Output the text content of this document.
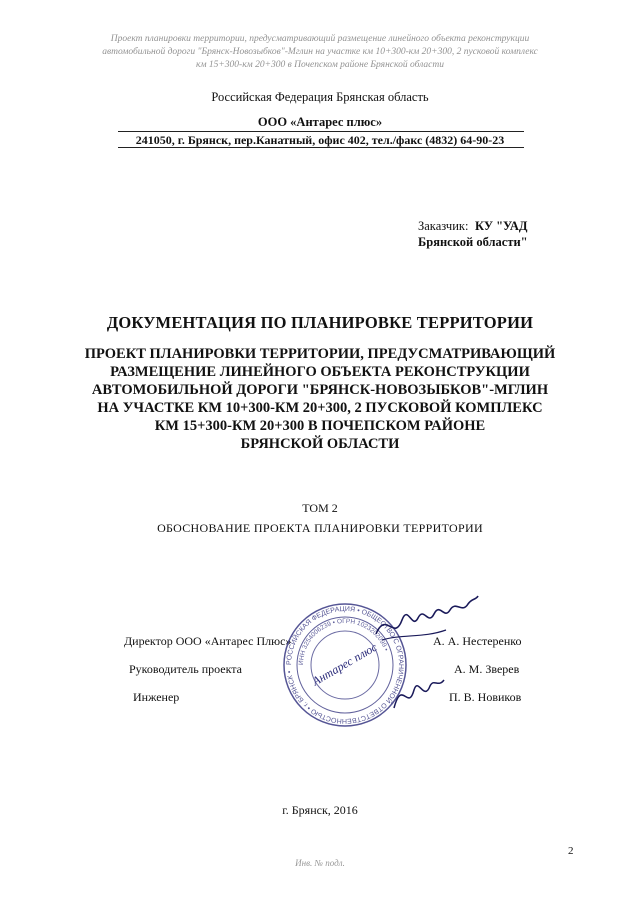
Проект планировки территории, предусматривающий размещение линейного объекта реконструкции
автомобильной дороги "Брянск-Новозыбков"-Мглин на участке км 10+300-км 20+300, 2 пусковой комплекс
км 15+300-км 20+300 в Почепском районе Брянской области
Российская Федерация Брянская область
ООО «Антарес плюс»
241050, г. Брянск, пер.Канатный, офис 402, тел./факс (4832) 64-90-23
Заказчик: КУ "УАД
Брянской области"
ДОКУМЕНТАЦИЯ ПО ПЛАНИРОВКЕ ТЕРРИТОРИИ
ПРОЕКТ ПЛАНИРОВКИ ТЕРРИТОРИИ, ПРЕДУСМАТРИВАЮЩИЙ
РАЗМЕЩЕНИЕ ЛИНЕЙНОГО ОБЪЕКТА РЕКОНСТРУКЦИИ
АВТОМОБИЛЬНОЙ ДОРОГИ "БРЯНСК-НОВОЗЫБКОВ"-МГЛИН
НА УЧАСТКЕ КМ 10+300-КМ 20+300, 2 ПУСКОВОЙ КОМПЛЕКС
КМ 15+300-КМ 20+300 В ПОЧЕПСКОМ РАЙОНЕ
БРЯНСКОЙ ОБЛАСТИ
ТОМ 2
ОБОСНОВАНИЕ ПРОЕКТА ПЛАНИРОВКИ ТЕРРИТОРИИ
Директор ООО «Антарес Плюс»	А. А. Нестеренко
Руководитель проекта	А. М. Зверев
Инженер	П. В. Новиков
РОССИЙСКАЯ ФЕДЕРАЦИЯ • ОБЩЕСТВО С ОГРАНИЧЕННОЙ ОТВЕТСТВЕННОСТЬЮ • г. БРЯНСК •
ИНН 3254006239 • ОГРН 1023202099 •
Антарес плюс
г. Брянск, 2016
2
Инв. № подл.
